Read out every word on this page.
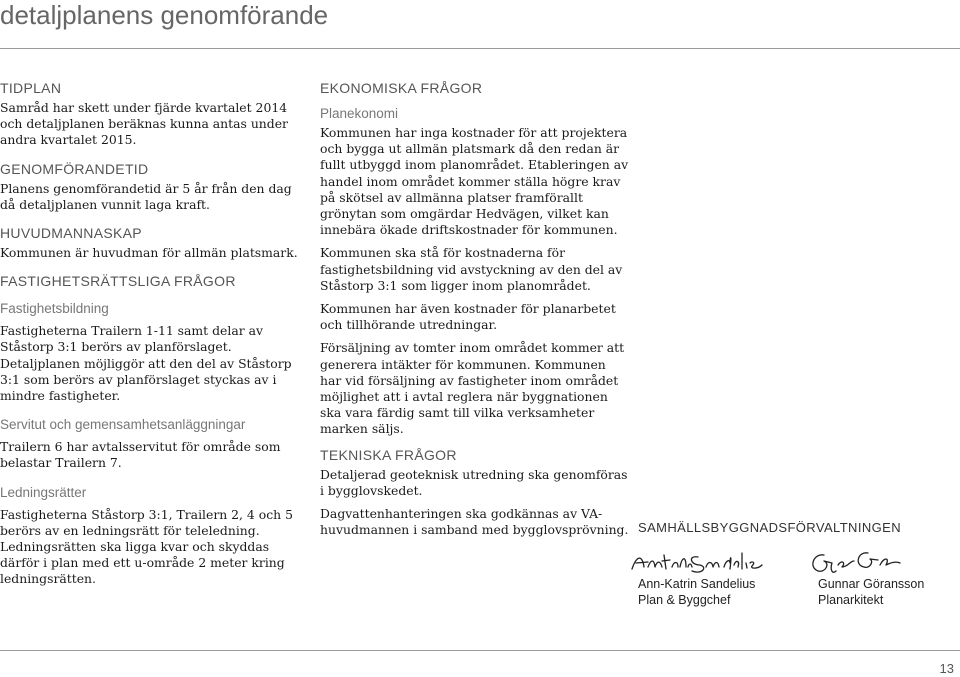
detaljplanens genomförande
TIDPLAN

Samråd har skett under fjärde kvartalet 2014 och detaljplanen beräknas kunna antas under andra kvartalet 2015.

GENOMFÖRANDETID

Planens genomförandetid är 5 år från den dag då detaljplanen vunnit laga kraft.

HUVUDMANNASKAP

Kommunen är huvudman för allmän platsmark.

FASTIGHETSRÄTTSLIGA FRÅGOR
Fastighetsbildning

Fastigheterna Trailern 1-11 samt delar av Ståstorp 3:1 berörs av planförslaget. Detaljplanen möjliggör att den del av Ståstorp 3:1 som berörs av planförslaget styckas av i mindre fastigheter.

Servitut och gemensamhetsanläggningar

Trailern 6 har avtalsservitut för område som belastar Trailern 7.

Ledningsrätter

Fastigheterna Ståstorp 3:1, Trailern 2, 4 och 5 berörs av en ledningsrätt för teleledning. Ledningsrätten ska ligga kvar och skyddas därför i plan med ett u-område 2 meter kring ledningsrätten.

EKONOMISKA FRÅGOR
Planekonomi

Kommunen har inga kostnader för att projektera och bygga ut allmän platsmark då den redan är fullt utbyggd inom planområdet. Etableringen av handel inom området kommer ställa högre krav på skötsel av allmänna platser framförallt grönytan som omgärdar Hedvägen, vilket kan innebära ökade driftskostnader för kommunen.

Kommunen ska stå för kostnaderna för fastighetsbildning vid avstyckning av den del av Ståstorp 3:1 som ligger inom planområdet.

Kommunen har även kostnader för planarbetet och tillhörande utredningar.

Försäljning av tomter inom området kommer att generera intäkter för kommunen. Kommunen har vid försäljning av fastigheter inom området möjlighet att i avtal reglera när byggnationen ska vara färdig samt till vilka verksamheter marken säljs.

TEKNISKA FRÅGOR

Detaljerad geoteknisk utredning ska genomföras i bygglovskedet.

Dagvattenhanteringen ska godkännas av VA-huvudmannen i samband med bygglovsprövning. SAMHÄLLSBYGGNADSFÖRVALTNINGEN

Ann-Katrin Sandelius
Plan & Byggchef
Gunnar Göransson
Planarkitekt
13
